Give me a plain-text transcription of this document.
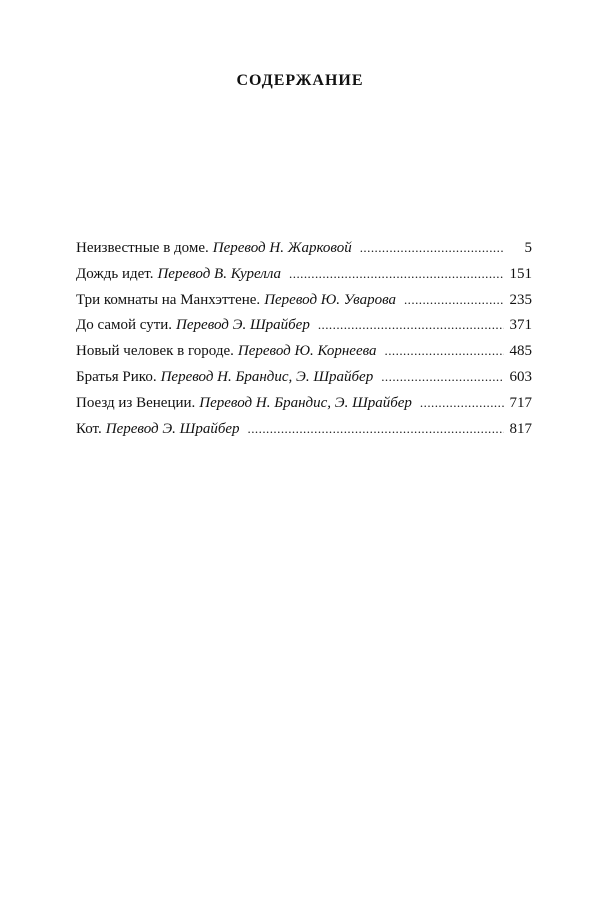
СОДЕРЖАНИЕ
Неизвестные в доме. Перевод Н. Жарковой . . .	5
Дождь идет. Перевод В. Курелла . . .	151
Три комнаты на Манхэттене. Перевод Ю. Уварова . . .	235
До самой сути. Перевод Э. Шрайбер . . .	371
Новый человек в городе. Перевод Ю. Корнеева . . .	485
Братья Рико. Перевод Н. Брандис, Э. Шрайбер . . .	603
Поезд из Венеции. Перевод Н. Брандис, Э. Шрайбер . . .	717
Кот. Перевод Э. Шрайбер . . .	817
